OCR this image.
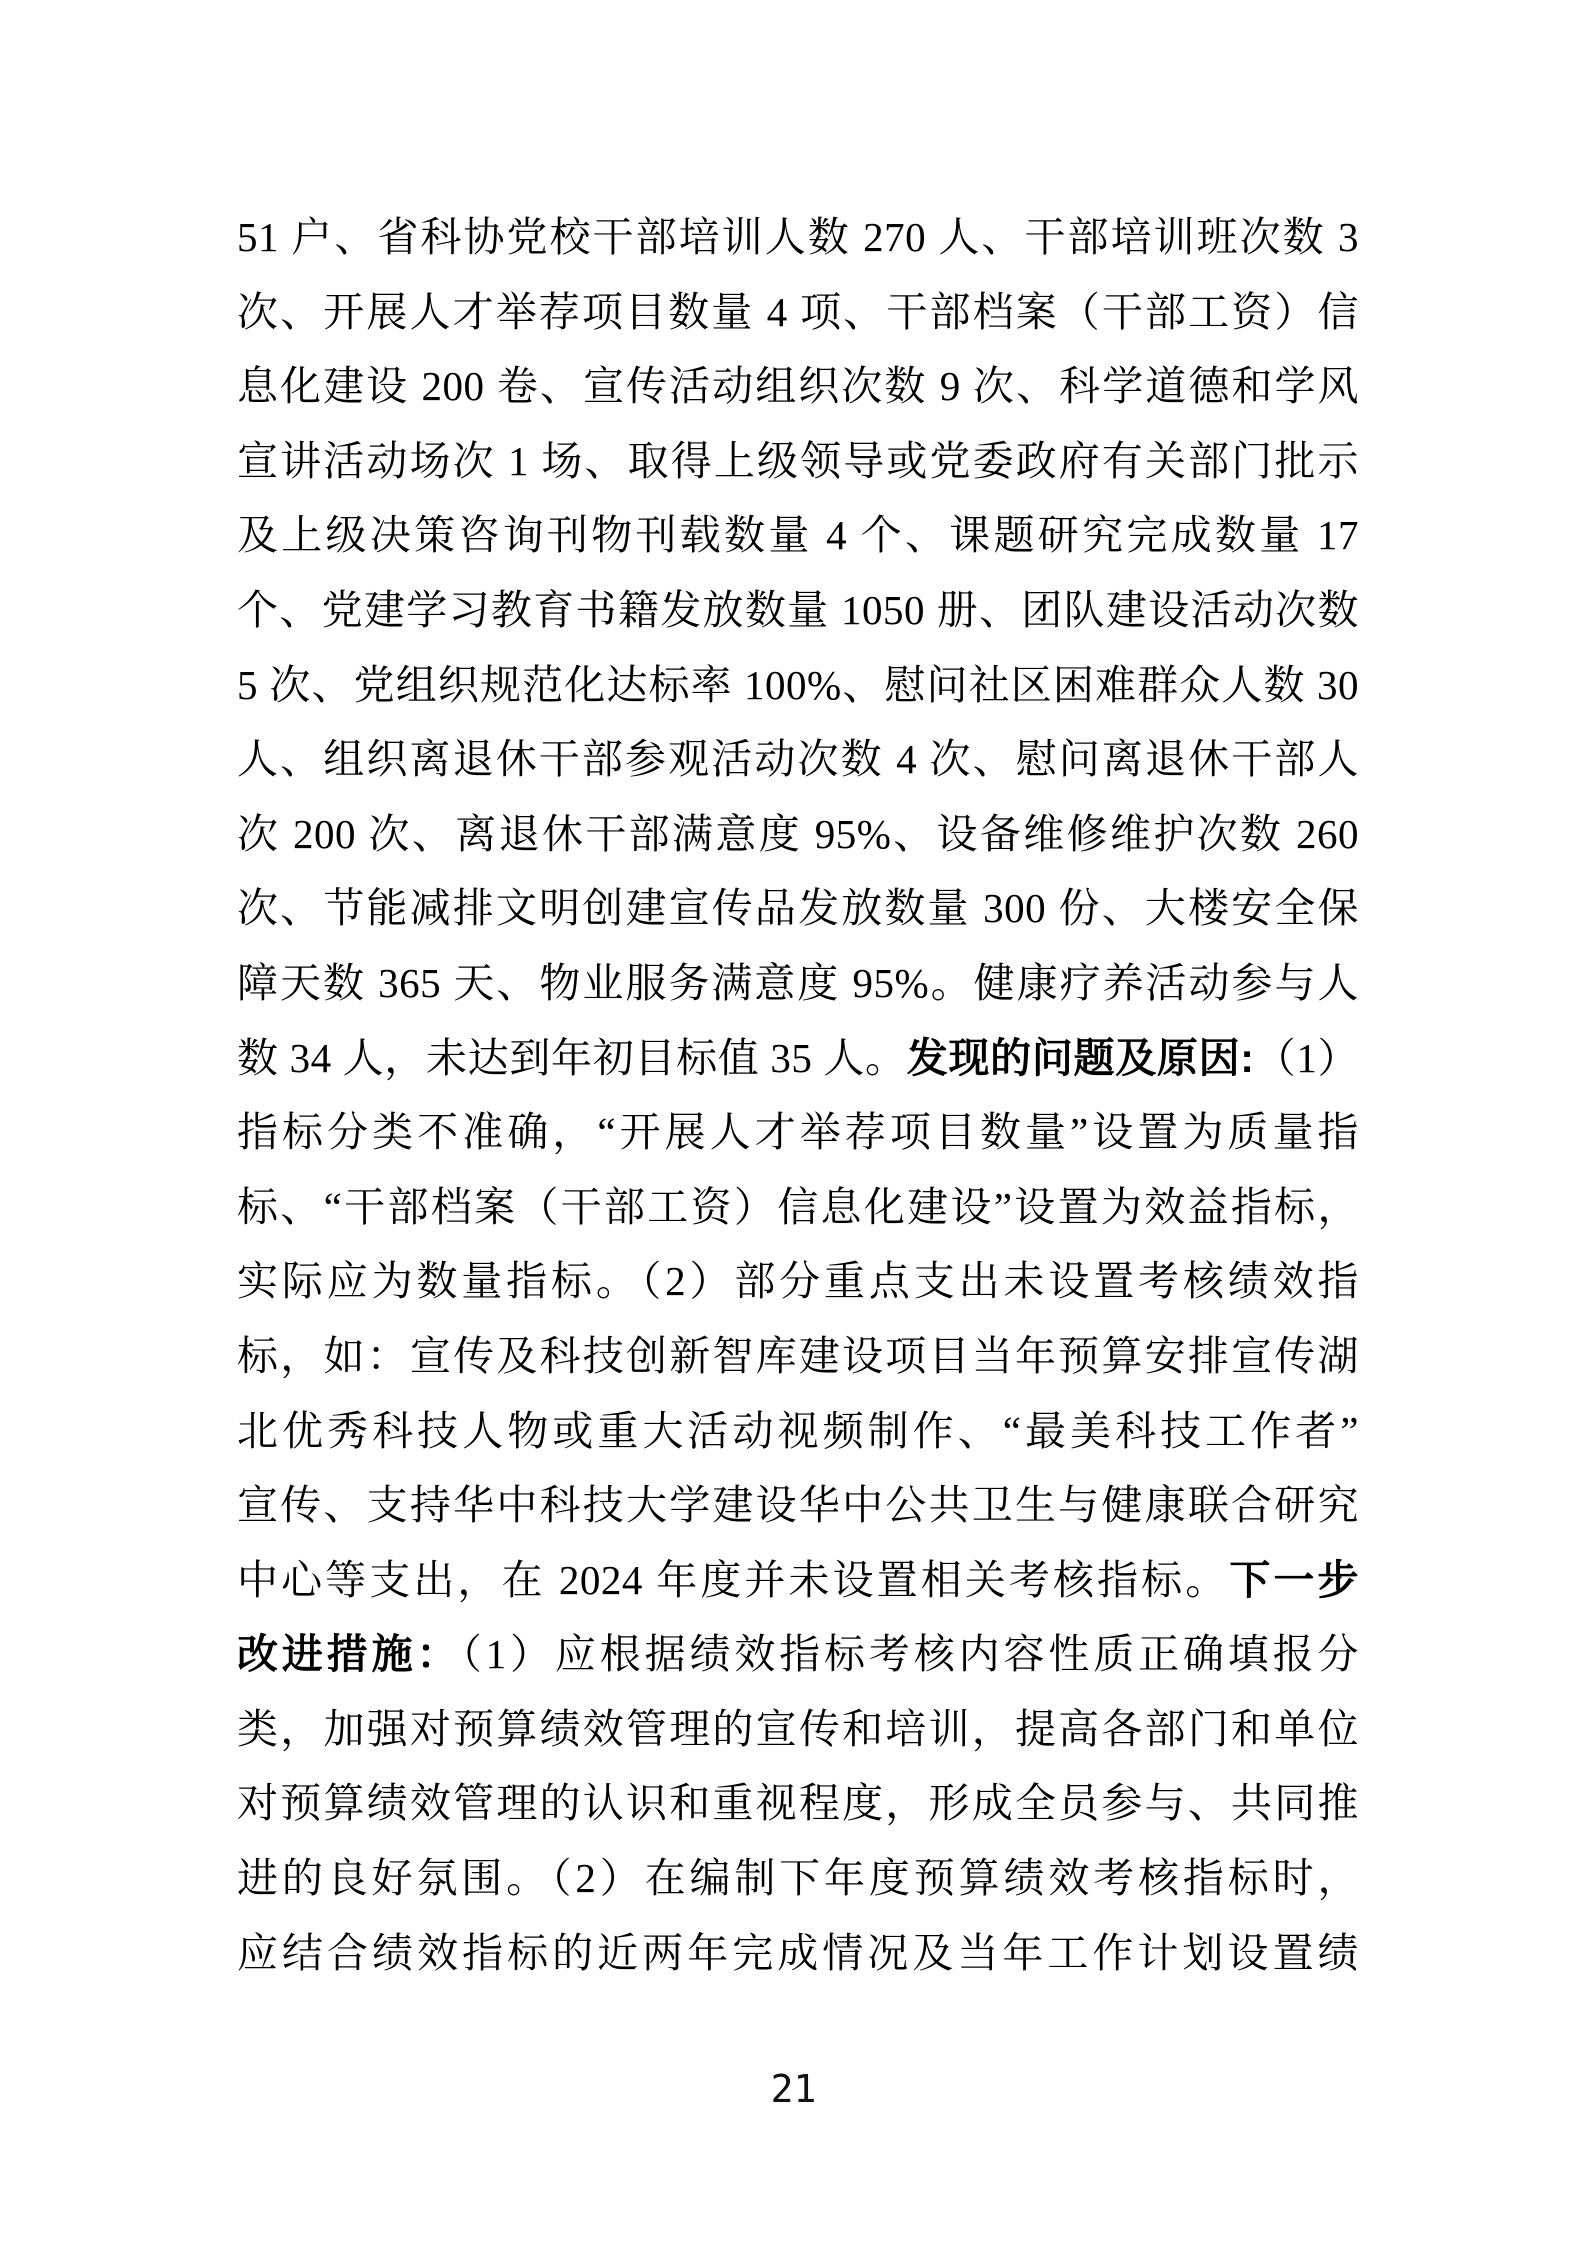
51 户、省科协党校干部培训人数 270 人、干部培训班次数 3
次、开展人才举荐项目数量 4 项、干部档案（干部工资）信
息化建设 200 卷、宣传活动组织次数 9 次、科学道德和学风
宣讲活动场次 1 场、取得上级领导或党委政府有关部门批示
及上级决策咨询刊物刊载数量 4 个、课题研究完成数量 17
个、党建学习教育书籍发放数量 1050 册、团队建设活动次数
5 次、党组织规范化达标率 100%、慰问社区困难群众人数 30
人、组织离退休干部参观活动次数 4 次、慰问离退休干部人
次 200 次、离退休干部满意度 95%、设备维修维护次数 260
次、节能减排文明创建宣传品发放数量 300 份、大楼安全保
障天数 365 天、物业服务满意度 95%。健康疗养活动参与人
数 34 人，未达到年初目标值 35 人。发现的问题及原因:（1）
指标分类不准确，“开展人才举荐项目数量”设置为质量指
标、“干部档案（干部工资）信息化建设”设置为效益指标，
实际应为数量指标。（2）部分重点支出未设置考核绩效指
标，如：宣传及科技创新智库建设项目当年预算安排宣传湖
北优秀科技人物或重大活动视频制作、“最美科技工作者”
宣传、支持华中科技大学建设华中公共卫生与健康联合研究
中心等支出，在 2024 年度并未设置相关考核指标。下一步
改进措施：（1）应根据绩效指标考核内容性质正确填报分
类，加强对预算绩效管理的宣传和培训，提高各部门和单位
对预算绩效管理的认识和重视程度，形成全员参与、共同推
进的良好氛围。（2）在编制下年度预算绩效考核指标时，
应结合绩效指标的近两年完成情况及当年工作计划设置绩
21
